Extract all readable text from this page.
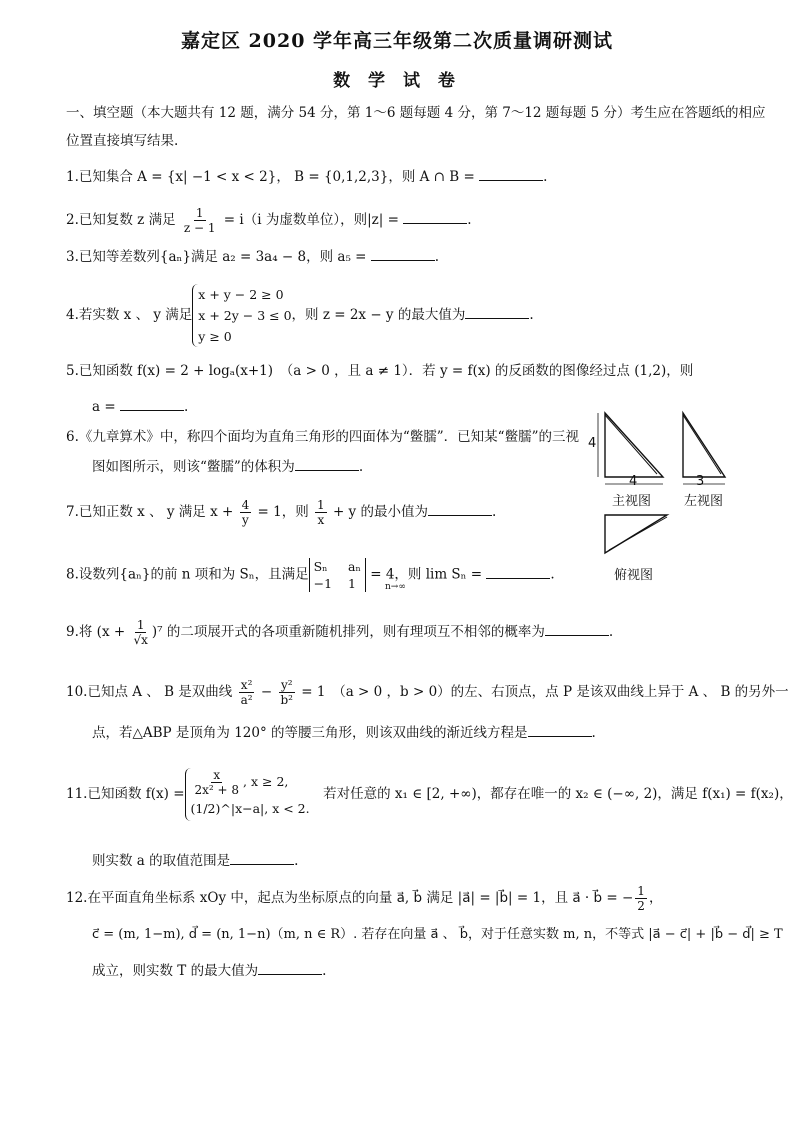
嘉定区 2020 学年高三年级第二次质量调研测试
数 学 试 卷
一、填空题（本大题共有 12 题，满分 54 分，第 1～6 题每题 4 分，第 7～12 题每题 5 分）考生应在答题纸的相应
位置直接填写结果.
1.已知集合 A = {x| −1 < x < 2}， B = {0,1,2,3}，则 A ∩ B =	.
2.已知复数 z 满足 $\frac{1}{z - 1} = i(i$ 为虚数单位），则|z| =	.
3.已知等差数列{aₙ}满足 a₂ = 3a₄ − 8，则 a₅ =	.
4.若实数 x 、 y 满足x + y − 2 ≥ 0
x + 2y − 3 ≤ 0
y ≥ 0，则 z = 2x − y 的最大值为	.
5.已知函数 f(x) = 2 + logₐ(x+1)　（a > 0 ，且 a ≠ 1）．若 y = f(x) 的反函数的图像经过点 (1,2)，则
a =	.
6.《九章算术》中，称四个面均为直角三角形的四面体为“鳖臑”．已知某“鳖臑”的三视
图如图所示，则该“鳖臑”的体积为	.
4
4	3
主视图	左视图
俯视图
7.已知正数 x 、 y 满足 $x + \frac{4}{y} = 1$，则 $\frac{1}{x} + y$ 的最小值为	.
8.设数列{aₙ}的前 n 项和为 Sₙ，且满足 Sₙ	aₙ
−1 1
= 4，则 lim Sₙ =	.
n→∞
9.将 $(x + \frac{1}{√x} )^7$ 的二项展开式的各项重新随机排列，则有理项互不相邻的概率为	.
10.已知点 A 、 B 是双曲线 $\frac{\text{x²}}{\text{a²}} - \frac{\text{y²}}{\text{b²}} = 1$　（a > 0 ，b > 0）的左、右顶点，点 P 是该双曲线上异于 A 、 B 的另外一
点，若△ABP 是顶角为 120° 的等腰三角形，则该双曲线的渐近线方程是	.
11.已知函数 $f(x) = \frac{x}{\text{2x² + 8}}$ , x ≥ 2,
(1/2)^|x−a|, x < 2.　若对任意的 x₁ ∈ [2, +∞)，都存在唯一的 x₂ ∈ (−∞, 2)，满足 f(x₁) = f(x₂)，
则实数 a 的取值范围是	.
12.在平面直角坐标系 xOy 中，起点为坐标原点的向量 a⃗, b⃗ 满足 |a⃗| = |b⃗| = 1，且 a⃗ · b⃗ = − $\frac{1}{2}$ ，
c⃗ = (m, 1−m), d⃗ = (n, 1−n)（m, n ∈ R）. 若存在向量 a⃗ 、 b⃗，对于任意实数 m, n，不等式 |a⃗ − c⃗| + |b⃗ − d⃗| ≥ T
成立，则实数 T 的最大值为	.
